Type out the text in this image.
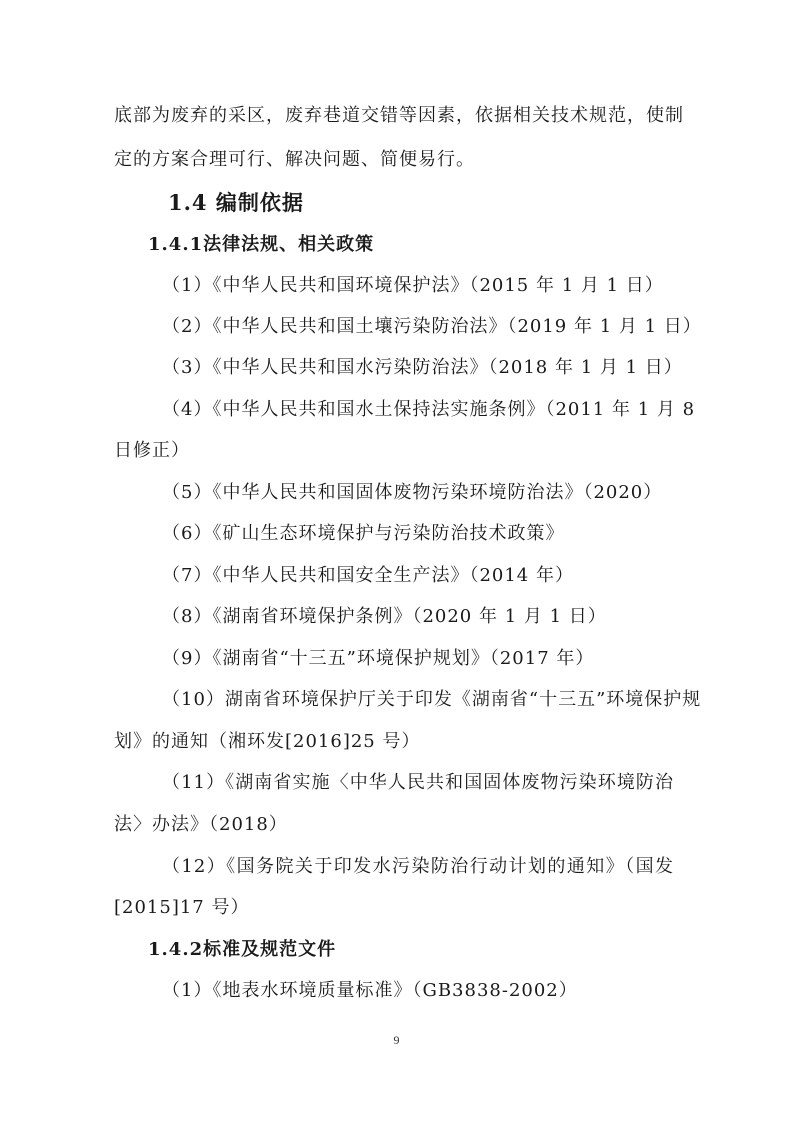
底部为废弃的采区，废弃巷道交错等因素，依据相关技术规范，使制
定的方案合理可行、解决问题、简便易行。
1.4 编制依据
1.4.1法律法规、相关政策
（1）《中华人民共和国环境保护法》（2015 年 1 月 1 日）
（2）《中华人民共和国土壤污染防治法》（2019 年 1 月 1 日）
（3）《中华人民共和国水污染防治法》（2018 年 1 月 1 日）
（4）《中华人民共和国水土保持法实施条例》（2011 年 1 月 8
日修正）
（5）《中华人民共和国固体废物污染环境防治法》（2020）
（6）《矿山生态环境保护与污染防治技术政策》
（7）《中华人民共和国安全生产法》（2014 年）
（8）《湖南省环境保护条例》（2020 年 1 月 1 日）
（9）《湖南省“十三五”环境保护规划》（2017 年）
（10）湖南省环境保护厅关于印发《湖南省“十三五”环境保护规
划》的通知（湘环发[2016]25 号）
（11）《湖南省实施〈中华人民共和国固体废物污染环境防治
法〉办法》（2018）
（12）《国务院关于印发水污染防治行动计划的通知》（国发
[2015]17 号）
1.4.2标准及规范文件
（1）《地表水环境质量标准》（GB3838-2002）
9
